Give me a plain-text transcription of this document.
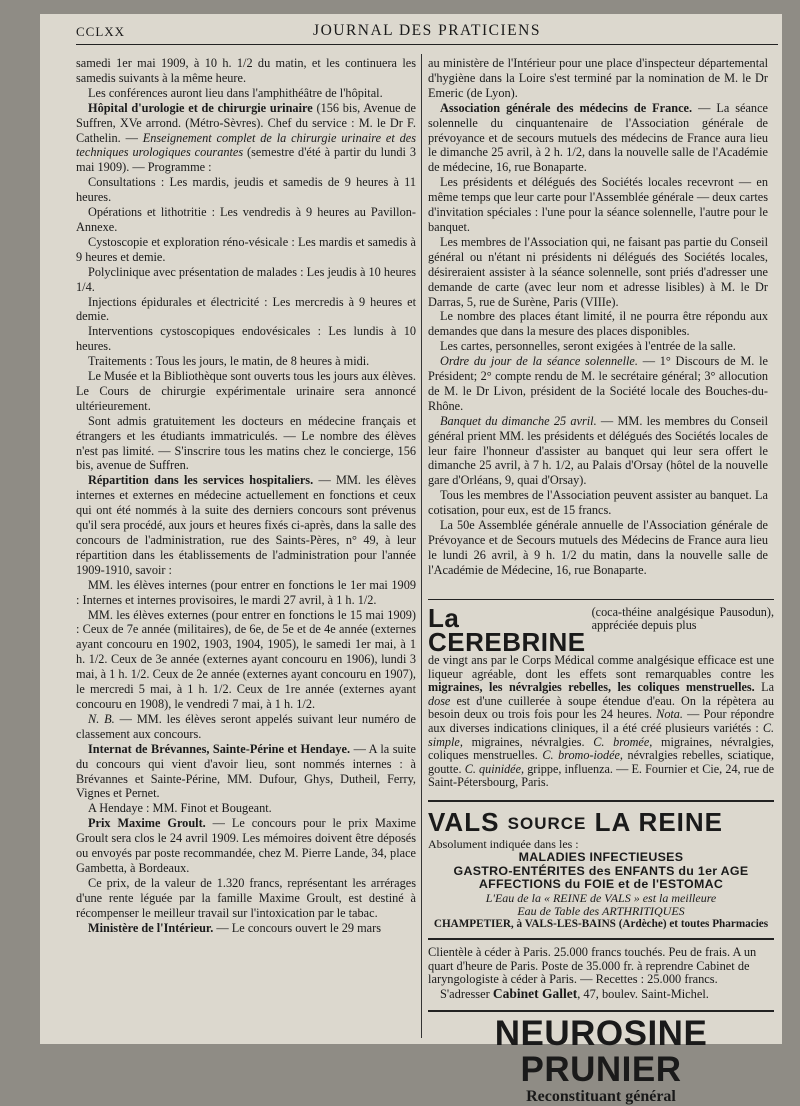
CCLXX	JOURNAL DES PRATICIENS

samedi 1er mai 1909, à 10 h. 1/2 du matin, et les continuera les samedis suivants à la même heure.

Les conférences auront lieu dans l'amphithéâtre de l'hôpital.

Hôpital d'urologie et de chirurgie urinaire (156 bis, Avenue de Suffren, XVe arrond. (Métro-Sèvres). Chef du service : M. le Dr F. Cathelin. — Enseignement complet de la chirurgie urinaire et des techniques urologiques courantes (semestre d'été à partir du lundi 3 mai 1909). — Programme :

Consultations : Les mardis, jeudis et samedis de 9 heures à 11 heures.

Opérations et lithotritie : Les vendredis à 9 heures au Pavillon-Annexe.

Cystoscopie et exploration réno-vésicale : Les mardis et samedis à 9 heures et demie.

Polyclinique avec présentation de malades : Les jeudis à 10 heures 1/4.

Injections épidurales et électricité : Les mercredis à 9 heures et demie.

Interventions cystoscopiques endovésicales : Les lundis à 10 heures.

Traitements : Tous les jours, le matin, de 8 heures à midi.

Le Musée et la Bibliothèque sont ouverts tous les jours aux élèves. Le Cours de chirurgie expérimentale urinaire sera annoncé ultérieurement.

Sont admis gratuitement les docteurs en médecine français et étrangers et les étudiants immatriculés. — Le nombre des élèves n'est pas limité. — S'inscrire tous les matins chez le concierge, 156 bis, avenue de Suffren.

Répartition dans les services hospitaliers. — MM. les élèves internes et externes en médecine actuellement en fonctions et ceux qui ont été nommés à la suite des derniers concours sont prévenus qu'il sera procédé, aux jours et heures fixés ci-après, dans la salle des concours de l'administration, rue des Saints-Pères, n° 49, à leur répartition dans les établissements de l'administration pour l'année 1909-1910, savoir :

MM. les élèves internes (pour entrer en fonctions le 1er mai 1909 : Internes et internes provisoires, le mardi 27 avril, à 1 h. 1/2.

MM. les élèves externes (pour entrer en fonctions le 15 mai 1909) : Ceux de 7e année (militaires), de 6e, de 5e et de 4e année (externes ayant concouru en 1902, 1903, 1904, 1905), le samedi 1er mai, à 1 h. 1/2. Ceux de 3e année (externes ayant concouru en 1906), lundi 3 mai, à 1 h. 1/2. Ceux de 2e année (externes ayant concouru en 1907), le mercredi 5 mai, à 1 h. 1/2. Ceux de 1re année (externes ayant concouru en 1908), le vendredi 7 mai, à 1 h. 1/2.

N. B. — MM. les élèves seront appelés suivant leur numéro de classement aux concours.

Internat de Brévannes, Sainte-Périne et Hendaye. — A la suite du concours qui vient d'avoir lieu, sont nommés internes : à Brévannes et Sainte-Périne, MM. Dufour, Ghys, Dutheil, Ferry, Vignes et Pernet.

A Hendaye : MM. Finot et Bougeant.

Prix Maxime Groult. — Le concours pour le prix Maxime Groult sera clos le 24 avril 1909. Les mémoires doivent être déposés ou envoyés par poste recommandée, chez M. Pierre Lande, 34, place Gambetta, à Bordeaux.

Ce prix, de la valeur de 1.320 francs, représentant les arrérages d'une rente léguée par la famille Maxime Groult, est destiné à récompenser le meilleur travail sur l'intoxication par le tabac.

Ministère de l'Intérieur. — Le concours ouvert le 29 mars

au ministère de l'Intérieur pour une place d'inspecteur départemental d'hygiène dans la Loire s'est terminé par la nomination de M. le Dr Emeric (de Lyon).

Association générale des médecins de France. — La séance solennelle du cinquantenaire de l'Association générale de prévoyance et de secours mutuels des médecins de France aura lieu le dimanche 25 avril, à 2 h. 1/2, dans la nouvelle salle de l'Académie de médecine, 16, rue Bonaparte.

Les présidents et délégués des Sociétés locales recevront — en même temps que leur carte pour l'Assemblée générale — deux cartes d'invitation spéciales : l'une pour la séance solennelle, l'autre pour le banquet.

Les membres de l'Association qui, ne faisant pas partie du Conseil général ou n'étant ni présidents ni délégués des Sociétés locales, désireraient assister à la séance solennelle, sont priés d'adresser une demande de carte (avec leur nom et adresse lisibles) à M. le Dr Darras, 5, rue de Surène, Paris (VIIIe).

Le nombre des places étant limité, il ne pourra être répondu aux demandes que dans la mesure des places disponibles.

Les cartes, personnelles, seront exigées à l'entrée de la salle.

Ordre du jour de la séance solennelle. — 1° Discours de M. le Président; 2° compte rendu de M. le secrétaire général; 3° allocution de M. le Dr Livon, président de la Société locale des Bouches-du-Rhône.

Banquet du dimanche 25 avril. — MM. les membres du Conseil général prient MM. les présidents et délégués des Sociétés locales de leur faire l'honneur d'assister au banquet qui leur sera offert le dimanche 25 avril, à 7 h. 1/2, au Palais d'Orsay (hôtel de la nouvelle gare d'Orléans, 9, quai d'Orsay).

Tous les membres de l'Association peuvent assister au banquet. La cotisation, pour eux, est de 15 francs.

La 50e Assemblée générale annuelle de l'Association générale de Prévoyance et de Secours mutuels des Médecins de France aura lieu le lundi 26 avril, à 9 h. 1/2 du matin, dans la nouvelle salle de l'Académie de Médecine, 16, rue Bonaparte.

La CEREBRINE
(coca-théine analgésique Pausodun), appréciée depuis plus
de vingt ans par le Corps Médical comme analgésique efficace est une liqueur agréable, dont les effets sont remarquables contre les migraines, les névralgies rebelles, les coliques menstruelles. La dose est d'une cuillerée à soupe étendue d'eau. On la répètera au besoin deux ou trois fois pour les 24 heures. Nota. — Pour répondre aux diverses indications cliniques, il a été créé plusieurs variétés : C. simple, migraines, névralgies. C. bromée, migraines, névralgies, coliques menstruelles. C. bromo-iodée, névralgies rebelles, sciatique, goutte. C. quinidée, grippe, influenza. — E. Fournier et Cie, 24, rue de Saint-Pétersbourg, Paris.
VALS SOURCE LA REINE
Absolument indiquée dans les :
MALADIES INFECTIEUSES
GASTRO-ENTÉRITES des ENFANTS du 1er AGE
AFFECTIONS du FOIE et de l'ESTOMAC
L'Eau de la « REINE de VALS » est la meilleure
Eau de Table des ARTHRITIQUES
CHAMPETIER, à VALS-LES-BAINS (Ardèche) et toutes Pharmacies
Clientèle à céder à Paris. 25.000 francs touchés. Peu de frais. A un quart d'heure de Paris. Poste de 35.000 fr. à reprendre Cabinet de laryngologiste à céder à Paris. — Recettes : 25.000 francs.
S'adresser Cabinet Gallet, 47, boulev. Saint-Michel.
NEUROSINE PRUNIER
Reconstituant général
